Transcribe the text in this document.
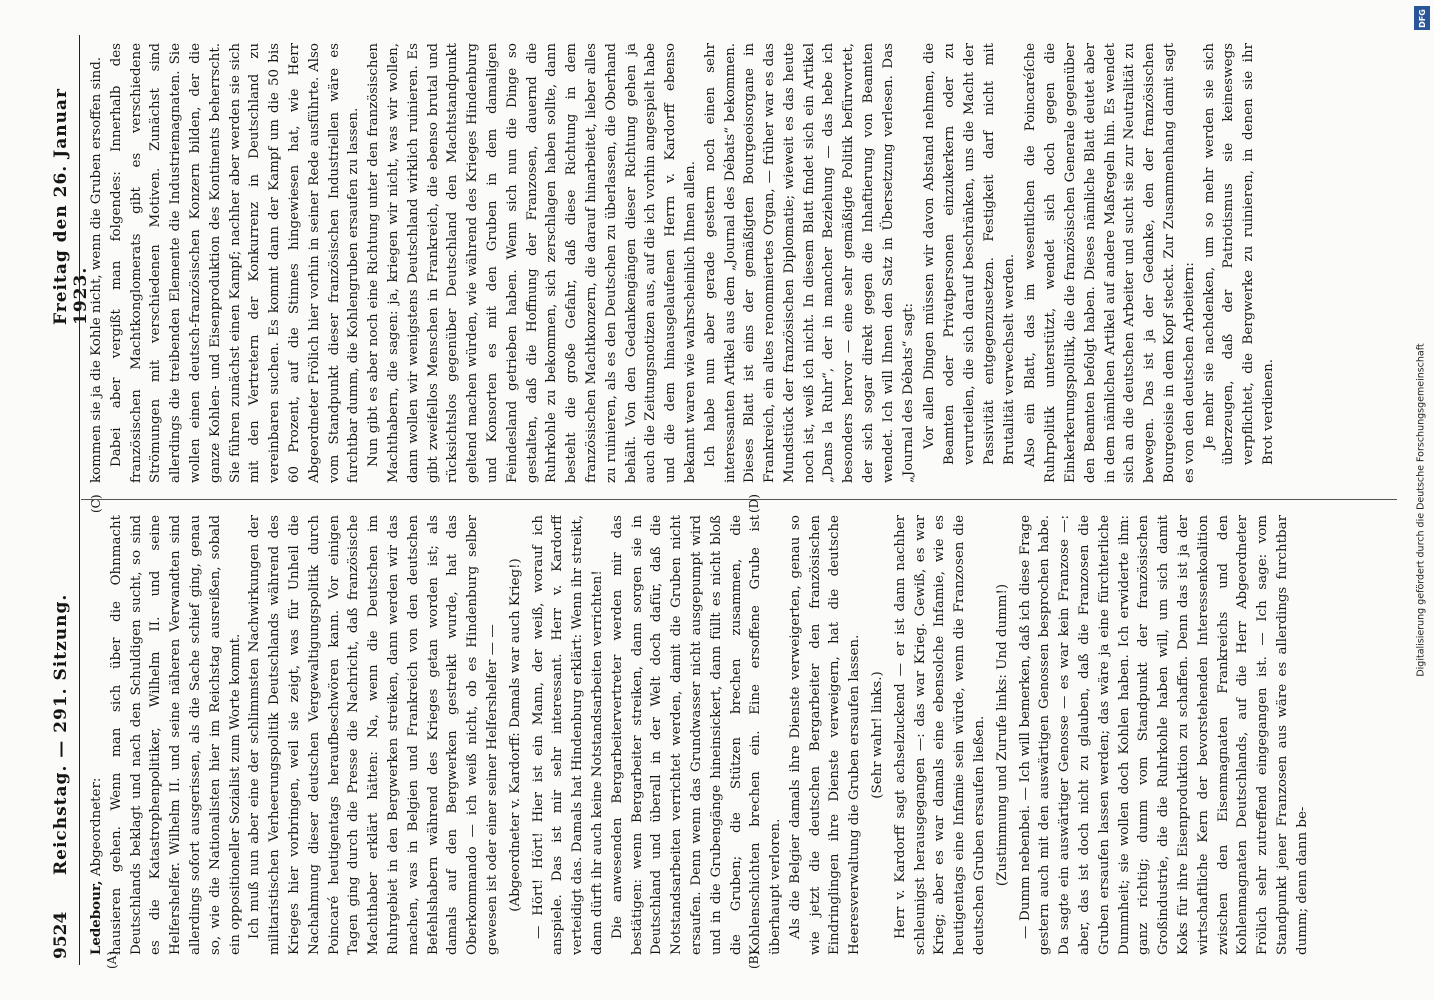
9524
Reichstag. — 291. Sitzung.
Freitag den 26. Januar 1923.
(A)	(B)
(C)	(D)

Ledebour, Abgeordneter: hausieren gehen. Wenn man sich über die Ohnmacht Deutschlands beklagt und nach den Schuldigen sucht, so sind es die Katastrophenpolitiker, Wilhelm II. und seine Helfershelfer. Wilhelm II. und seine näheren Verwandten sind allerdings sofort ausgerissen, als die Sache schief ging, genau so, wie die Nationalisten hier im Reichstag ausreißen, sobald ein oppositioneller Sozialist zum Worte kommt. Ich muß nun aber eine der schlimmsten Nachwirkungen der militaristischen Verheerungspolitik Deutschlands während des Krieges hier vorbringen, weil sie zeigt, was für Unheil die Nachahmung dieser deutschen Vergewaltigungspolitik durch Poincaré heutigentags heraufbeschwören kann. Vor einigen Tagen ging durch die Presse die Nachricht, daß französische Machthaber erklärt hätten: Na, wenn die Deutschen im Ruhrgebiet in den Bergwerken streiken, dann werden wir das machen, was in Belgien und Frankreich von den deutschen Befehlshabern während des Krieges getan worden ist; als damals auf den Bergwerken gestreikt wurde, hat das Oberkommando — ich weiß nicht, ob es Hindenburg selber gewesen ist oder einer seiner Helfershelfer — — (Abgeordneter v. Kardorff: Damals war auch Krieg!) — Hört! Hört! Hier ist ein Mann, der weiß, worauf ich anspiele. Das ist mir sehr interessant. Herr v. Kardorff verteidigt das. Damals hat Hindenburg erklärt: Wenn ihr streikt, dann dürft ihr auch keine Notstandsarbeiten verrichten! Die anwesenden Bergarbeitervertreter werden mir das bestätigen: wenn Bergarbeiter streiken, dann sorgen sie in Deutschland und überall in der Welt doch dafür, daß die Notstandsarbeiten verrichtet werden, damit die Gruben nicht ersaufen. Denn wenn das Grundwasser nicht ausgepumpt wird und in die Grubengänge hineinsickert, dann füllt es nicht bloß die Gruben; die Stützen brechen zusammen, die Kohlenschichten brechen ein. Eine ersoffene Grube ist überhaupt verloren. Als die Belgier damals ihre Dienste verweigerten, genau so wie jetzt die deutschen Bergarbeiter den französischen Eindringlingen ihre Dienste verweigern, hat die deutsche Heeresverwaltung die Gruben ersaufen lassen. (Sehr wahr! links.) Herr v. Kardorff sagt achselzuckend — er ist dann nachher schleunigst herausgegangen —: das war Krieg. Gewiß, es war Krieg; aber es war damals eine ebensolche Infamie, wie es heutigentags eine Infamie sein würde, wenn die Franzosen die deutschen Gruben ersaufen ließen. (Zustimmung und Zurufe links: Und dumm!) — Dumm nebenbei. — Ich will bemerken, daß ich diese Frage gestern auch mit den auswärtigen Genossen besprochen habe. Da sagte ein auswärtiger Genosse — es war kein Franzose —: aber, das ist doch nicht zu glauben, daß die Franzosen die Gruben ersaufen lassen werden; das wäre ja eine fürchterliche Dummheit; sie wollen doch Kohlen haben. Ich erwiderte ihm: ganz richtig; dumm vom Standpunkt der französischen Großindustrie, die die Ruhrkohle haben will, um sich damit Koks für ihre Eisenproduktion zu schaffen. Denn das ist ja der wirtschaftliche Kern der bevorstehenden Interessenkoalition zwischen den Eisenmagnaten Frankreichs und den Kohlenmagnaten Deutschlands, auf die Herr Abgeordneter Frölich sehr zutreffend eingegangen ist. — Ich sage: vom Standpunkt jener Franzosen aus wäre es allerdings furchtbar dumm; denn dann be-

kommen sie ja die Kohle nicht, wenn die Gruben ersoffen sind. Dabei aber vergißt man folgendes: Innerhalb des französischen Machtkonglomerats gibt es verschiedene Strömungen mit verschiedenen Motiven. Zunächst sind allerdings die treibenden Elemente die Industriemagnaten. Sie wollen einen deutsch-französischen Konzern bilden, der die ganze Kohlen- und Eisenproduktion des Kontinents beherrscht. Sie führen zunächst einen Kampf; nachher aber werden sie sich mit den Vertretern der Konkurrenz in Deutschland zu vereinbaren suchen. Es kommt dann der Kampf um die 50 bis 60 Prozent, auf die Stinnes hingewiesen hat, wie Herr Abgeordneter Frölich hier vorhin in seiner Rede ausführte. Also vom Standpunkt dieser französischen Industriellen wäre es furchtbar dumm, die Kohlengruben ersaufen zu lassen. Nun gibt es aber noch eine Richtung unter den französischen Machthabern, die sagen: ja, kriegen wir nicht, was wir wollen, dann wollen wir wenigstens Deutschland wirklich ruinieren. Es gibt zweifellos Menschen in Frankreich, die ebenso brutal und rücksichtslos gegenüber Deutschland den Machtstandpunkt geltend machen würden, wie während des Krieges Hindenburg und Konsorten es mit den Gruben in dem damaligen Feindesland getrieben haben. Wenn sich nun die Dinge so gestalten, daß die Hoffnung der Franzosen, dauernd die Ruhrkohle zu bekommen, sich zerschlagen haben sollte, dann besteht die große Gefahr, daß diese Richtung in dem französischen Machtkonzern, die darauf hinarbeitet, lieber alles zu ruinieren, als es den Deutschen zu überlassen, die Oberhand behält. Von den Gedankengängen dieser Richtung gehen ja auch die Zeitungsnotizen aus, auf die ich vorhin angespielt habe und die dem hinausgelaufenen Herrn v. Kardorff ebenso bekannt waren wie wahrscheinlich Ihnen allen. Ich habe nun aber gerade gestern noch einen sehr interessanten Artikel aus dem „Journal des Débats“ bekommen. Dieses Blatt ist eins der gemäßigten Bourgeoisorgane in Frankreich, ein altes renommiertes Organ, — früher war es das Mundstück der französischen Diplomatie; wieweit es das heute noch ist, weiß ich nicht. In diesem Blatt findet sich ein Artikel „Dans la Ruhr“, der in mancher Beziehung — das hebe ich besonders hervor — eine sehr gemäßigte Politik befürwortet, der sich sogar direkt gegen die Inhaftierung von Beamten wendet. Ich will Ihnen den Satz in Übersetzung verlesen. Das „Journal des Débats“ sagt: Vor allen Dingen müssen wir davon Abstand nehmen, die Beamten oder Privatpersonen einzukerkern oder zu verurteilen, die sich darauf beschränken, uns die Macht der Passivität entgegenzusetzen. Festigkeit darf nicht mit Brutalität verwechselt werden. Also ein Blatt, das im wesentlichen die Poincaréſche Ruhrpolitik unterstützt, wendet sich doch gegen die Einkerkerungspolitik, die die französischen Generale gegenüber den Beamten befolgt haben. Dieses nämliche Blatt deutet aber in dem nämlichen Artikel auf andere Maßregeln hin. Es wendet sich an die deutschen Arbeiter und sucht sie zur Neutralität zu bewegen. Das ist ja der Gedanke, den der französischen Bourgeoisie in dem Kopf steckt. Zur Zusammenhang damit sagt es von den deutschen Arbeitern: Je mehr sie nachdenken, um so mehr werden sie sich überzeugen, daß der Patriotismus sie keineswegs verpflichtet, die Bergwerke zu ruinieren, in denen sie ihr Brot verdienen.

DFG
Digitalisierung gefördert durch die Deutsche Forschungsgemeinschaft
